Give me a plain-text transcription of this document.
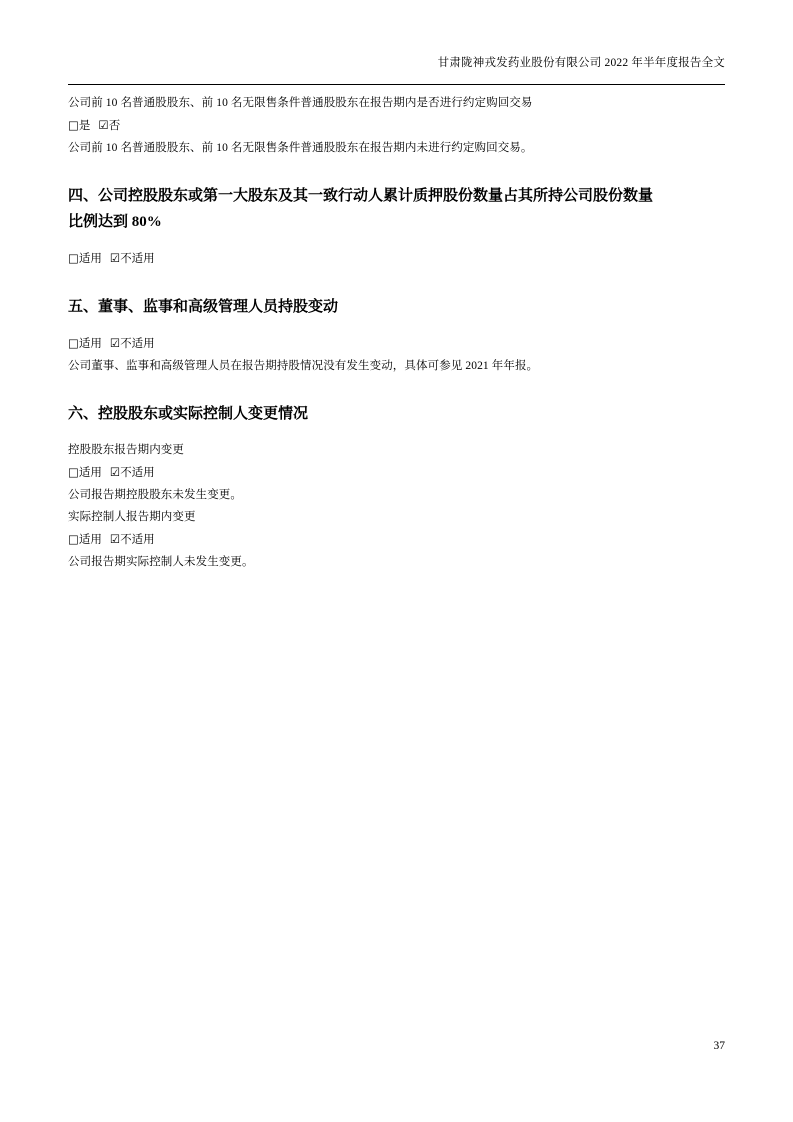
甘肃陇神戎发药业股份有限公司 2022 年半年度报告全文

公司前 10 名普通股股东、前 10 名无限售条件普通股股东在报告期内是否进行约定购回交易

□是 ☑否

公司前 10 名普通股股东、前 10 名无限售条件普通股股东在报告期内未进行约定购回交易。

四、公司控股股东或第一大股东及其一致行动人累计质押股份数量占其所持公司股份数量
比例达到 80%
□适用 ☑不适用
五、董事、监事和高级管理人员持股变动
□适用 ☑不适用

公司董事、监事和高级管理人员在报告期持股情况没有发生变动，具体可参见 2021 年年报。

六、控股股东或实际控制人变更情况

控股股东报告期内变更

□适用 ☑不适用

公司报告期控股股东未发生变更。

实际控制人报告期内变更

□适用 ☑不适用

公司报告期实际控制人未发生变更。

37
